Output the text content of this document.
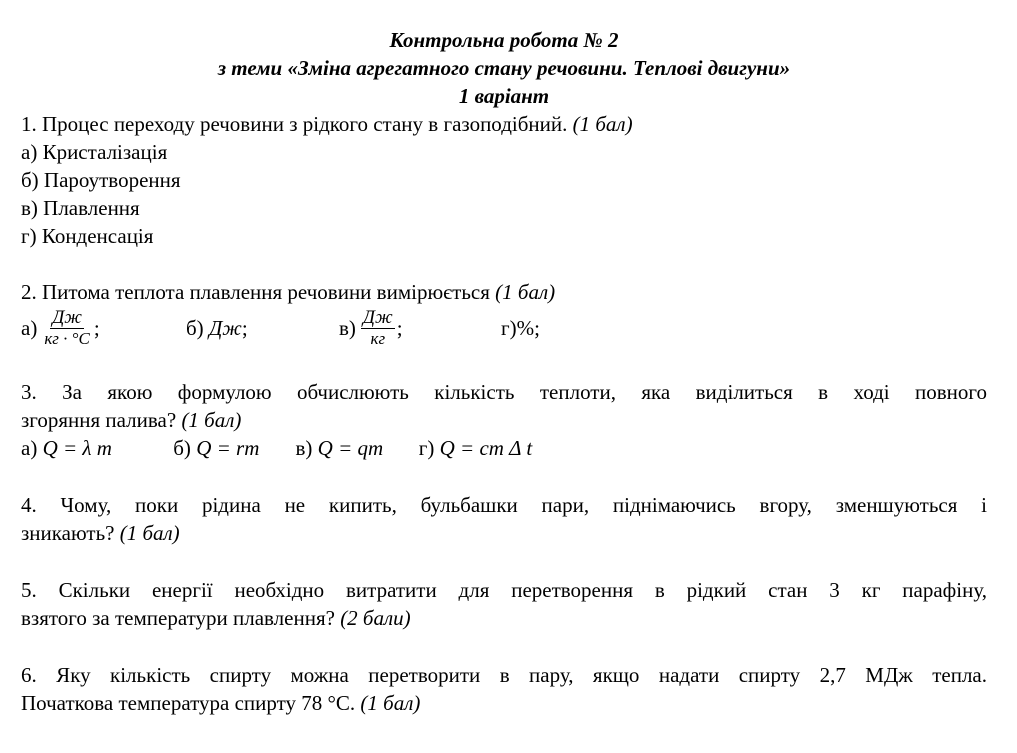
Контрольна робота № 2
з теми «Зміна агрегатного стану речовини. Теплові двигуни»
1 варіант
1. Процес переходу речовини з рідкого стану в газоподібний. (1 бал)
а) Кристалізація
б) Пароутворення
в) Плавлення
г) Конденсація
2. Питома теплота плавлення речовини вимірюється (1 бал)
$а) \frac{Дж}{кг \cdot ^\circ C}$ ;	б)
Дж ;	$в) \frac{Дж}{кг}$ ;	г)%;
3. За якою формулою обчислюють кількість теплоти, яка виділиться в ході повного
згоряння палива? (1 бал)
а) Q = λ m	б) Q = rm в) Q = qm г) Q = cm Δ t
4. Чому, поки рідина не кипить, бульбашки пари, піднімаючись вгору, зменшуються і
зникають? (1 бал)
5. Скільки енергії необхідно витратити для перетворення в рідкий стан 3 кг парафіну,
взятого за температури плавлення? (2 бали)
6. Яку кількість спирту можна перетворити в пару, якщо надати спирту 2,7 МДж тепла.
Початкова температура спирту 78 °С. (1 бал)
